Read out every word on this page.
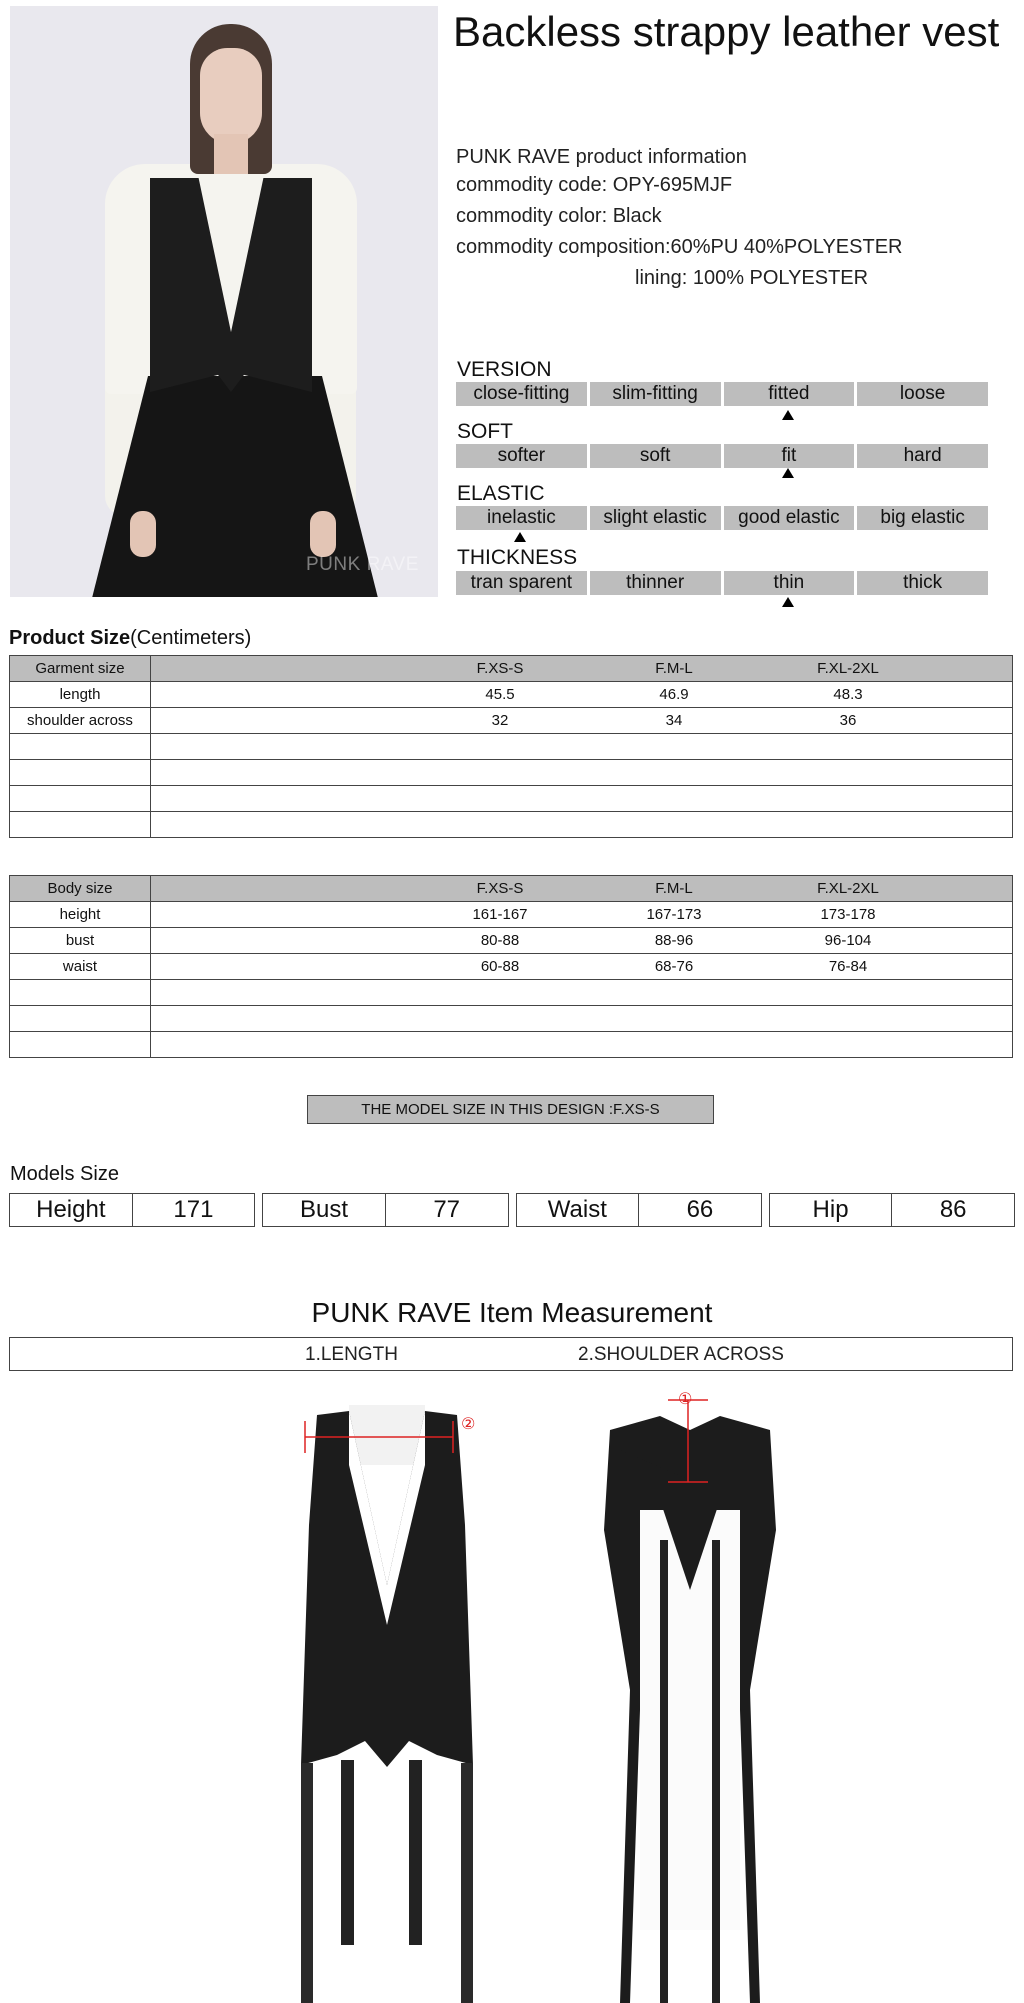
PUNK RAVE
Backless strappy leather vest
PUNK RAVE product information
commodity code: OPY-695MJF
commodity color: Black
commodity composition:60%PU 40%POLYESTER
lining: 100% POLYESTER
VERSION
close-fitting	slim-fitting	fitted	loose
SOFT
softer	soft	fit	hard
ELASTIC
inelastic	slight elastic	good elastic	big elastic
THICKNESS
tran sparent	thinner	thin	thick
Product Size(Centimeters)
Garment size	F.XS-S F.M-L F.XL-2XL

length	45.5 46.9 48.3

shoulder across	32 34 36

Body size	F.XS-S F.M-L F.XL-2XL

height	161-167 167-173 173-178

bust	80-88 88-96 96-104

waist	60-88 68-76 76-84

THE MODEL SIZE IN THIS DESIGN :F.XS-S
Models Size
Height	171	Bust	77	Waist	66	Hip	86
PUNK RAVE Item Measurement
1.LENGTH	2.SHOULDER ACROSS
②
①
